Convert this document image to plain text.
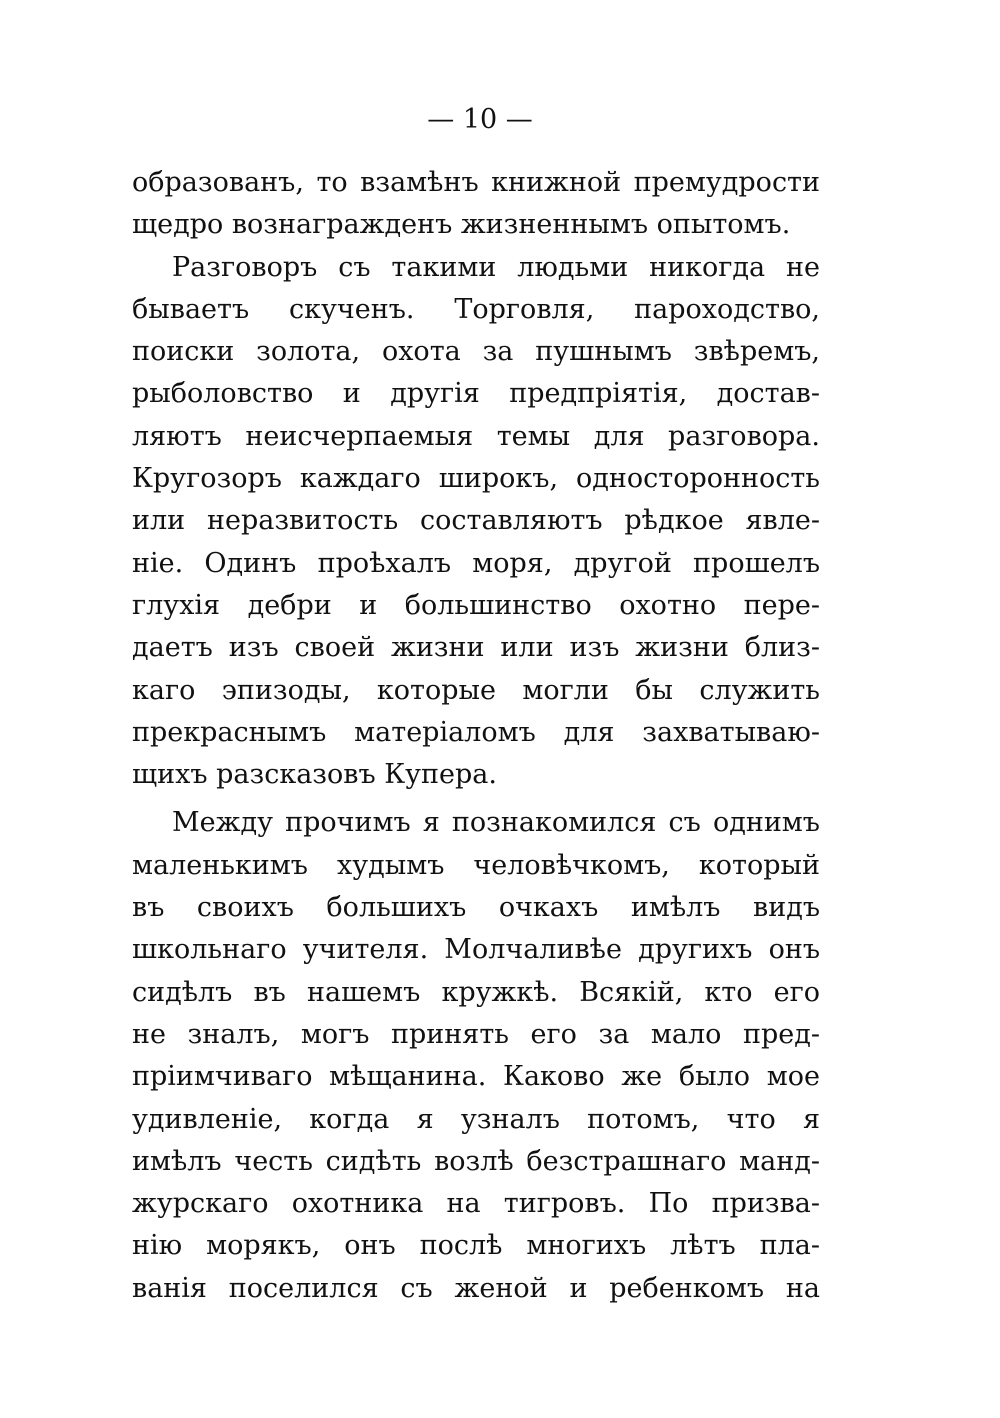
— 10 —
образованъ, то взамѣнъ книжной премудрости
щедро вознагражденъ жизненнымъ опытомъ.
Разговоръ съ такими людьми никогда не
бываетъ скученъ. Торговля, пароходство,
поиски золота, охота за пушнымъ звѣремъ,
рыболовство и другія предпріятія, достав-
ляютъ неисчерпаемыя темы для разговора.
Кругозоръ каждаго широкъ, односторонность
или неразвитость составляютъ рѣдкое явле-
ніе. Одинъ проѣхалъ моря, другой прошелъ
глухія дебри и большинство охотно пере-
даетъ изъ своей жизни или изъ жизни близ-
каго эпизоды, которые могли бы служить
прекраснымъ матеріаломъ для захватываю-
щихъ разсказовъ Купера.
Между прочимъ я познакомился съ однимъ
маленькимъ худымъ человѣчкомъ, который
въ своихъ большихъ очкахъ имѣлъ видъ
школьнаго учителя. Молчаливѣе другихъ онъ
сидѣлъ въ нашемъ кружкѣ. Всякій, кто его
не зналъ, могъ принять его за мало пред-
пріимчиваго мѣщанина. Каково же было мое
удивленіе, когда я узналъ потомъ, что я
имѣлъ честь сидѣть возлѣ безстрашнаго манд-
журскаго охотника на тигровъ. По призва-
нію морякъ, онъ послѣ многихъ лѣтъ пла-
ванія поселился съ женой и ребенкомъ на
